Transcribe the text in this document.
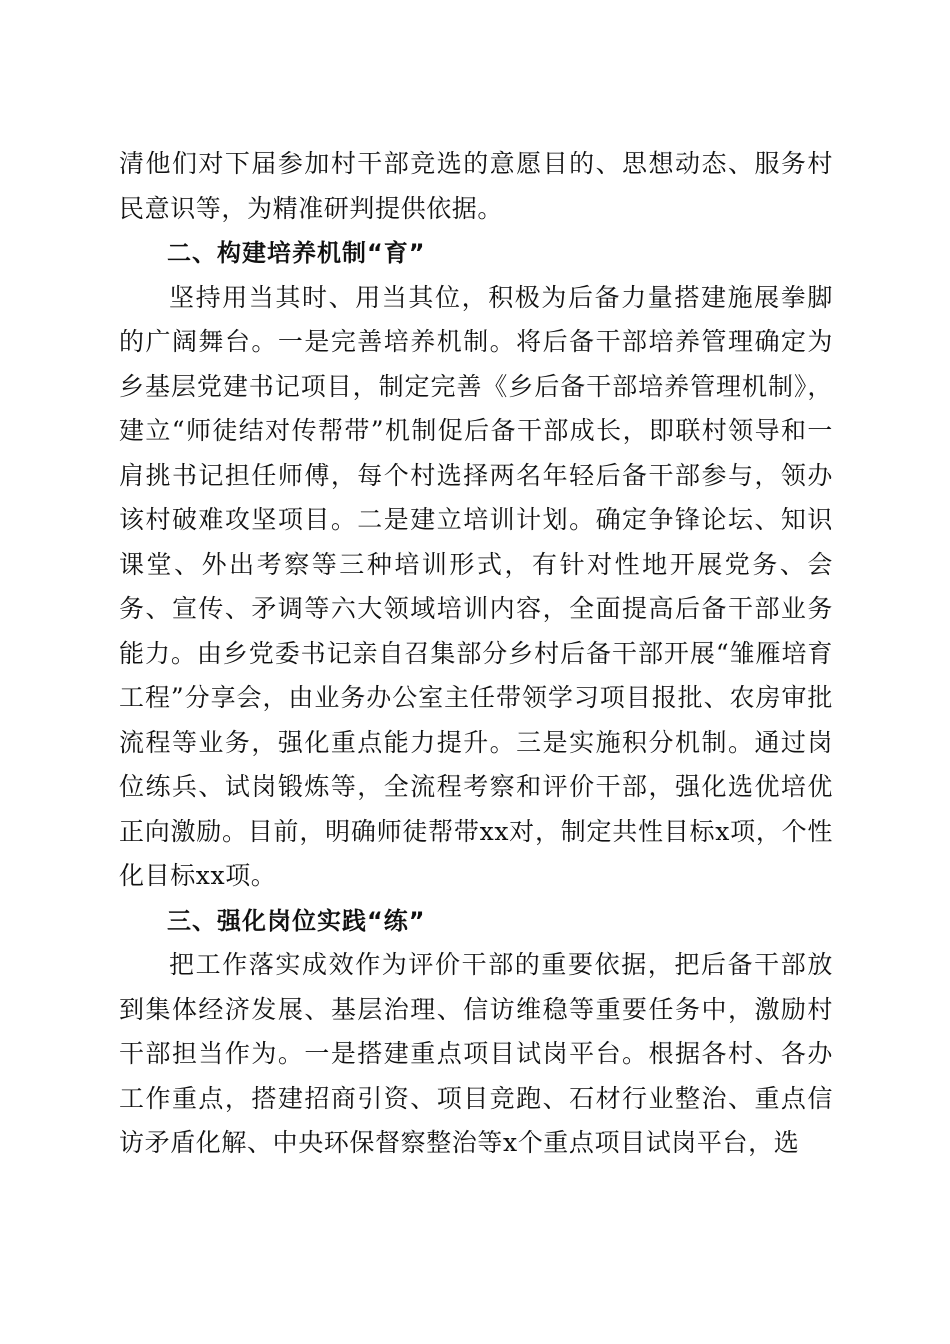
清他们对下届参加村干部竞选的意愿目的、思想动态、服务村民意识等，为精准研判提供依据。

二、构建培养机制“育”

坚持用当其时、用当其位，积极为后备力量搭建施展拳脚的广阔舞台。一是完善培养机制。将后备干部培养管理确定为乡基层党建书记项目，制定完善《乡后备干部培养管理机制》，建立“师徒结对传帮带”机制促后备干部成长，即联村领导和一肩挑书记担任师傅，每个村选择两名年轻后备干部参与，领办该村破难攻坚项目。二是建立培训计划。确定争锋论坛、知识课堂、外出考察等三种培训形式，有针对性地开展党务、会务、宣传、矛调等六大领域培训内容，全面提高后备干部业务能力。由乡党委书记亲自召集部分乡村后备干部开展“雏雁培育工程”分享会，由业务办公室主任带领学习项目报批、农房审批流程等业务，强化重点能力提升。三是实施积分机制。通过岗位练兵、试岗锻炼等，全流程考察和评价干部，强化选优培优正向激励。目前，明确师徒帮带xx对，制定共性目标x项，个性化目标xx项。

三、强化岗位实践“练”

把工作落实成效作为评价干部的重要依据，把后备干部放到集体经济发展、基层治理、信访维稳等重要任务中，激励村干部担当作为。一是搭建重点项目试岗平台。根据各村、各办工作重点，搭建招商引资、项目竞跑、石材行业整治、重点信访矛盾化解、中央环保督察整治等x个重点项目试岗平台，选
